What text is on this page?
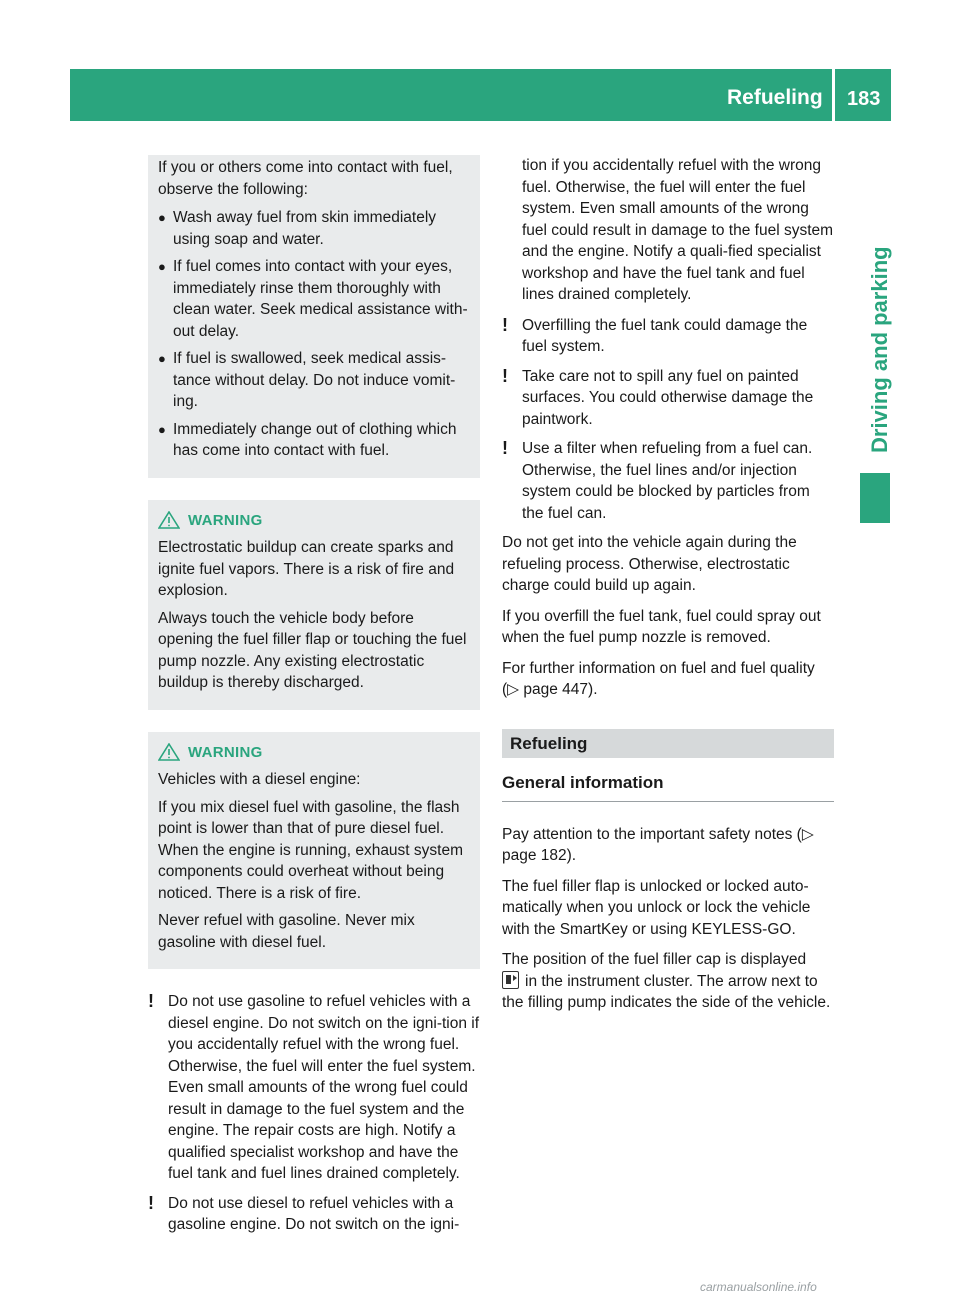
Refueling 183
Driving and parking

If you or others come into contact with fuel, observe the following:

● Wash away fuel from skin immediately using soap and water.
● If fuel comes into contact with your eyes, immediately rinse them thoroughly with clean water. Seek medical assistance with-out delay.
● If fuel is swallowed, seek medical assis-tance without delay. Do not induce vomit-ing.
● Immediately change out of clothing which has come into contact with fuel.
WARNING

Electrostatic buildup can create sparks and ignite fuel vapors. There is a risk of fire and explosion.

Always touch the vehicle body before opening the fuel filler flap or touching the fuel pump nozzle. Any existing electrostatic buildup is thereby discharged.

WARNING

Vehicles with a diesel engine:

If you mix diesel fuel with gasoline, the flash point is lower than that of pure diesel fuel. When the engine is running, exhaust system components could overheat without being noticed. There is a risk of fire.

Never refuel with gasoline. Never mix gasoline with diesel fuel.

! Do not use gasoline to refuel vehicles with a diesel engine. Do not switch on the igni-tion if you accidentally refuel with the wrong fuel. Otherwise, the fuel will enter the fuel system. Even small amounts of the wrong fuel could result in damage to the fuel system and the engine. The repair costs are high. Notify a qualified specialist workshop and have the fuel tank and fuel lines drained completely.
! Do not use diesel to refuel vehicles with a gasoline engine. Do not switch on the igni-

tion if you accidentally refuel with the wrong fuel. Otherwise, the fuel will enter the fuel system. Even small amounts of the wrong fuel could result in damage to the fuel system and the engine. Notify a quali-fied specialist workshop and have the fuel tank and fuel lines drained completely.

! Overfilling the fuel tank could damage the fuel system.
! Take care not to spill any fuel on painted surfaces. You could otherwise damage the paintwork.
! Use a filter when refueling from a fuel can. Otherwise, the fuel lines and/or injection system could be blocked by particles from the fuel can.

Do not get into the vehicle again during the refueling process. Otherwise, electrostatic charge could build up again.

If you overfill the fuel tank, fuel could spray out when the fuel pump nozzle is removed.

For further information on fuel and fuel quality (▷ page 447).

Refueling
General information

Pay attention to the important safety notes (▷ page 182).

The fuel filler flap is unlocked or locked auto-matically when you unlock or lock the vehicle with the SmartKey or using KEYLESS-GO.

The position of the fuel filler cap is displayed
in the instrument cluster. The arrow next to the filling pump indicates the side of the vehicle.

carmanualsonline.info
